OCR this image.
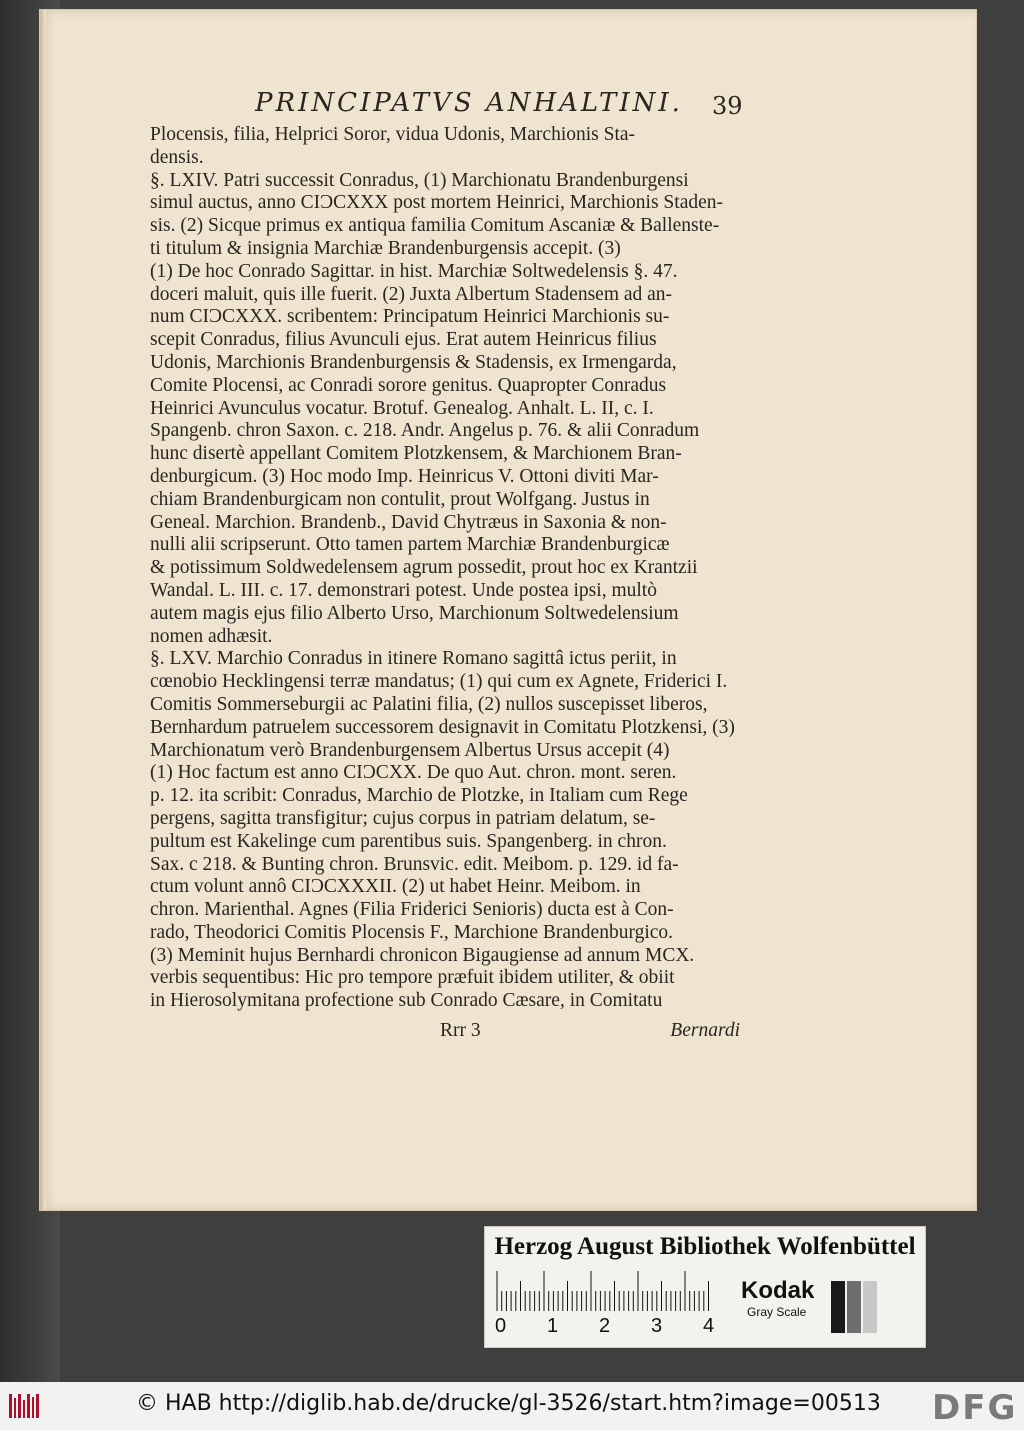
PRINCIPATVS ANHALTINI. 39
Plocensis, filia, Helprici Soror, vidua Udonis, Marchionis Sta-
densis.
§. LXIV. Patri successit Conradus, (1) Marchionatu Brandenburgensi
simul auctus, anno CIƆCXXX post mortem Heinrici, Marchionis Staden-
sis. (2) Sicque primus ex antiqua familia Comitum Ascaniæ & Ballenste-
ti titulum & insignia Marchiæ Brandenburgensis accepit. (3)
(1) De hoc Conrado Sagittar. in hist. Marchiæ Soltwedelensis §. 47.
doceri maluit, quis ille fuerit. (2) Juxta Albertum Stadensem ad an-
num CIƆCXXX. scribentem: Principatum Heinrici Marchionis su-
scepit Conradus, filius Avunculi ejus. Erat autem Heinricus filius
Udonis, Marchionis Brandenburgensis & Stadensis, ex Irmengarda,
Comite Plocensi, ac Conradi sorore genitus. Quapropter Conradus
Heinrici Avunculus vocatur. Brotuf. Genealog. Anhalt. L. II, c. I.
Spangenb. chron Saxon. c. 218. Andr. Angelus p. 76. & alii Conradum
hunc disertè appellant Comitem Plotzkensem, & Marchionem Bran-
denburgicum. (3) Hoc modo Imp. Heinricus V. Ottoni diviti Mar-
chiam Brandenburgicam non contulit, prout Wolfgang. Justus in
Geneal. Marchion. Brandenb., David Chytræus in Saxonia & non-
nulli alii scripserunt. Otto tamen partem Marchiæ Brandenburgicæ
& potissimum Soldwedelensem agrum possedit, prout hoc ex Krantzii
Wandal. L. III. c. 17. demonstrari potest. Unde postea ipsi, multò
autem magis ejus filio Alberto Urso, Marchionum Soltwedelensium
nomen adhæsit.
§. LXV. Marchio Conradus in itinere Romano sagittâ ictus periit, in
cœnobio Hecklingensi terræ mandatus; (1) qui cum ex Agnete, Friderici I.
Comitis Sommerseburgii ac Palatini filia, (2) nullos suscepisset liberos,
Bernhardum patruelem successorem designavit in Comitatu Plotzkensi, (3)
Marchionatum verò Brandenburgensem Albertus Ursus accepit (4)
(1) Hoc factum est anno CIƆCXX. De quo Aut. chron. mont. seren.
p. 12. ita scribit: Conradus, Marchio de Plotzke, in Italiam cum Rege
pergens, sagitta transfigitur; cujus corpus in patriam delatum, se-
pultum est Kakelinge cum parentibus suis. Spangenberg. in chron.
Sax. c 218. & Bunting chron. Brunsvic. edit. Meibom. p. 129. id fa-
ctum volunt annô CIƆCXXXII. (2) ut habet Heinr. Meibom. in
chron. Marienthal. Agnes (Filia Friderici Senioris) ducta est à Con-
rado, Theodorici Comitis Plocensis F., Marchione Brandenburgico.
(3) Meminit hujus Bernhardi chronicon Bigaugiense ad annum MCX.
verbis sequentibus: Hic pro tempore præfuit ibidem utiliter, & obiit
in Hierosolymitana profectione sub Conrado Cæsare, in Comitatu
Rrr 3	Bernardi
Herzog August Bibliothek Wolfenbüttel
0 1 2 3 4
Kodak
Gray Scale
© HAB http://diglib.hab.de/drucke/gl-3526/start.htm?image=00513 DFG
